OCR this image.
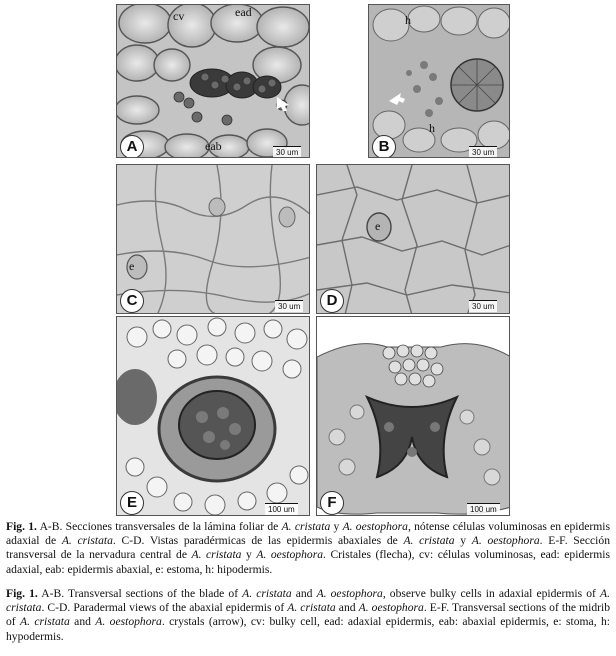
cv	ead
eab
A	30 um
h
h
B	30 um
e
C	30 um
e
D	30 um
E	100 um	F	100 um
Fig. 1. A-B. Secciones transversales de la lámina foliar de A. cristata y A. oestophora, nótense células voluminosas en epidermis adaxial de A. cristata. C-D. Vistas paradérmicas de las epidermis abaxiales de A. cristata y A. oestophora. E-F. Sección transversal de la nervadura central de A. cristata y A. oestophora. Cristales (flecha), cv: células voluminosas, ead: epidermis adaxial, eab: epidermis abaxial, e: estoma, h: hipodermis.
Fig. 1. A-B. Transversal sections of the blade of A. cristata and A. oestophora, observe bulky cells in adaxial epidermis of A. cristata. C-D. Paradermal views of the abaxial epidermis of A. cristata and A. oestophora. E-F. Transversal sections of the midrib of A. cristata and A. oestophora. crystals (arrow), cv: bulky cell, ead: adaxial epidermis, eab: abaxial epidermis, e: stoma, h: hypodermis.
